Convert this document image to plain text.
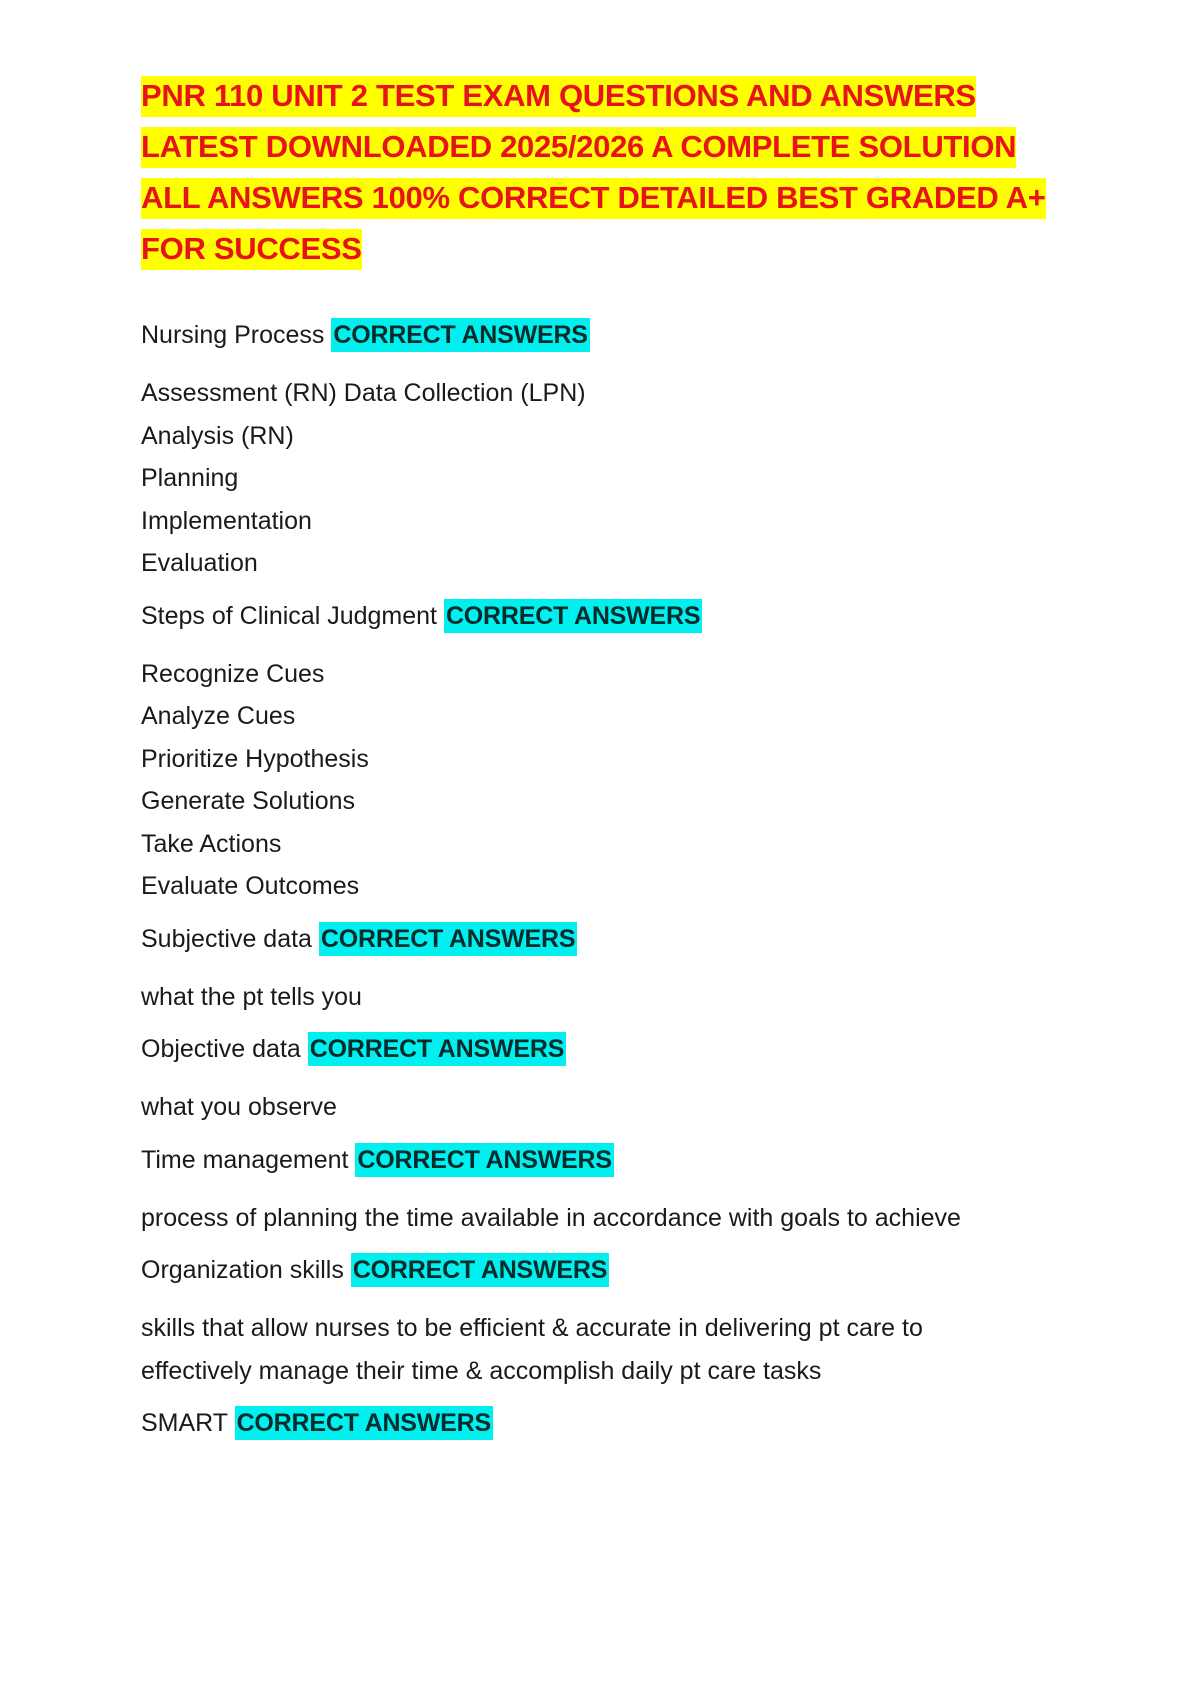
PNR 110 UNIT 2 TEST EXAM QUESTIONS AND ANSWERS LATEST DOWNLOADED 2025/2026 A COMPLETE SOLUTION ALL ANSWERS 100% CORRECT DETAILED BEST GRADED A+ FOR SUCCESS

Nursing Process CORRECT ANSWERS

Assessment (RN) Data Collection (LPN)
Analysis (RN)
Planning
Implementation
Evaluation

Steps of Clinical Judgment CORRECT ANSWERS

Recognize Cues
Analyze Cues
Prioritize Hypothesis
Generate Solutions
Take Actions
Evaluate Outcomes

Subjective data CORRECT ANSWERS

what the pt tells you

Objective data CORRECT ANSWERS

what you observe

Time management CORRECT ANSWERS

process of planning the time available in accordance with goals to achieve

Organization skills CORRECT ANSWERS

skills that allow nurses to be efficient & accurate in delivering pt care to
effectively manage their time & accomplish daily pt care tasks

SMART CORRECT ANSWERS
